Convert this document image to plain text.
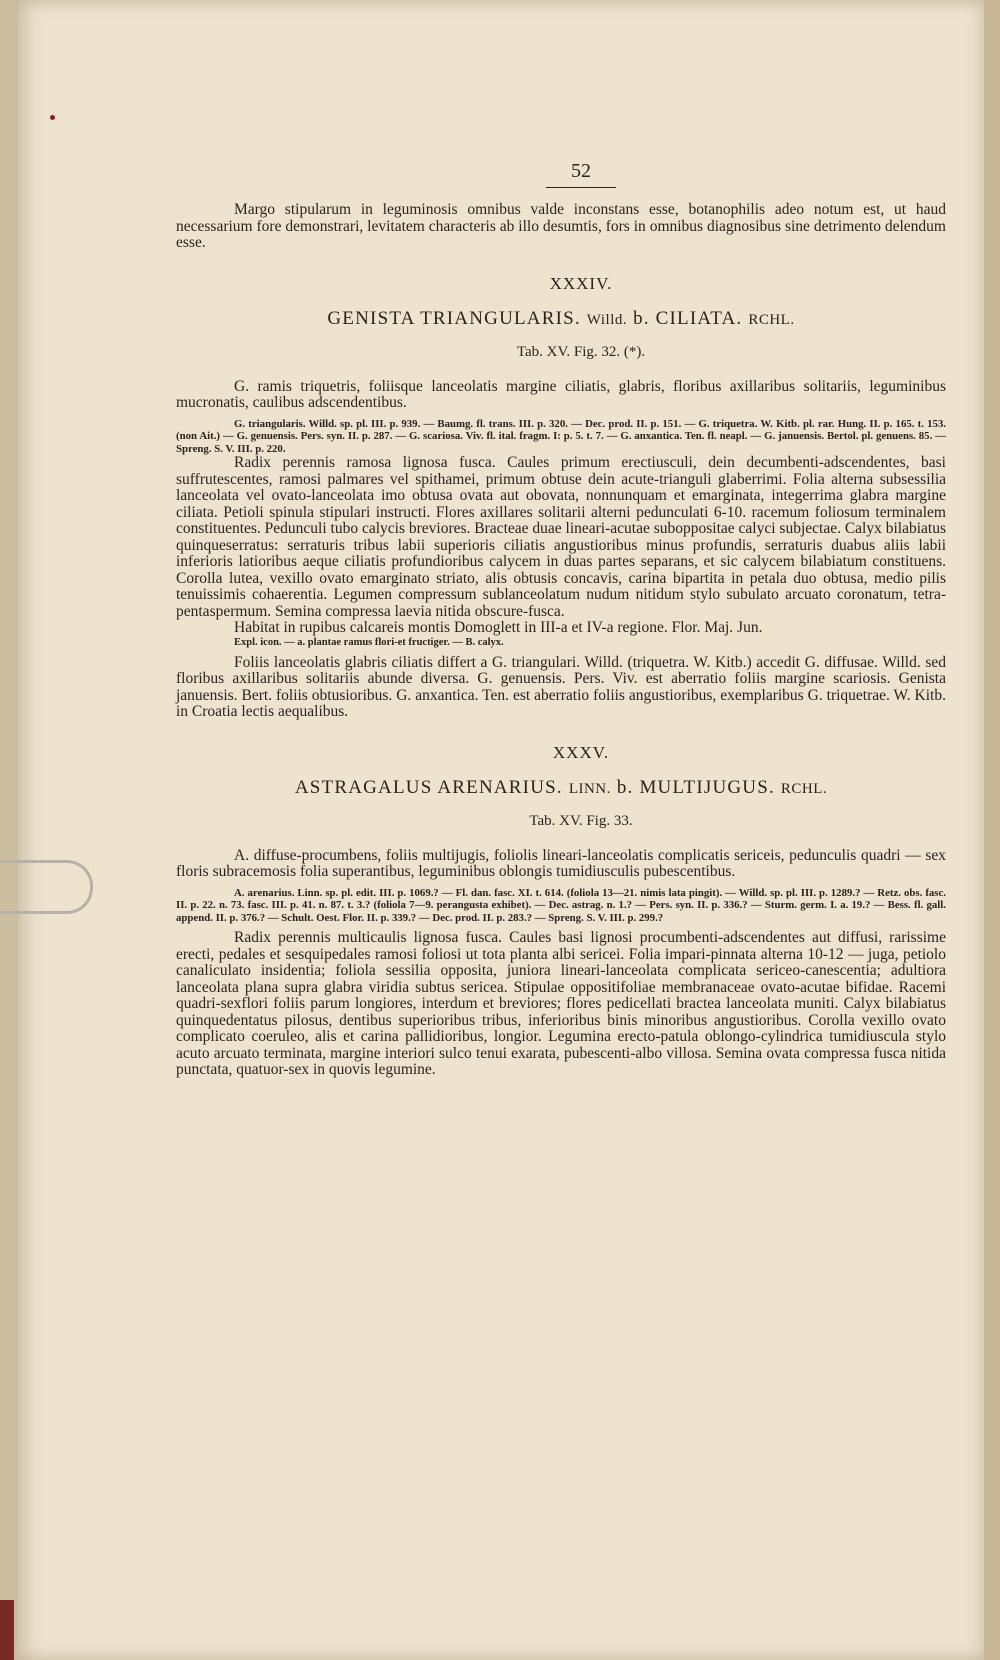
52

Margo stipularum in leguminosis omnibus valde inconstans esse, botanophilis adeo notum est, ut haud necessarium fore demonstrari, levitatem characteris ab illo desumtis, fors in omnibus diagnosibus sine detrimento delendum esse.

XXXIV.
GENISTA TRIANGULARIS. Willd. b. CILIATA. RCHL.
Tab. XV. Fig. 32. (*).

G. ramis triquetris, foliisque lanceolatis margine ciliatis, glabris, floribus axillaribus solitariis, leguminibus mucronatis, caulibus adscendentibus.

G. triangularis. Willd. sp. pl. III. p. 939. — Baumg. fl. trans. III. p. 320. — Dec. prod. II. p. 151. — G. triquetra. W. Kitb. pl. rar. Hung. II. p. 165. t. 153. (non Ait.) — G. genuensis. Pers. syn. II. p. 287. — G. scariosa. Viv. fl. ital. fragm. I: p. 5. t. 7. — G. anxantica. Ten. fl. neapl. — G. januensis. Bertol. pl. genuens. 85. — Spreng. S. V. III. p. 220.

Radix perennis ramosa lignosa fusca. Caules primum erectiusculi, dein decumbenti-adscendentes, basi suffrutescentes, ramosi palmares vel spithamei, primum obtuse dein acute-trianguli glaberrimi. Folia alterna subsessilia lanceolata vel ovato-lanceolata imo obtusa ovata aut obovata, nonnunquam et emarginata, integerrima glabra margine ciliata. Petioli spinula stipulari instructi. Flores axillares solitarii alterni pedunculati 6-10. racemum foliosum terminalem constituentes. Pedunculi tubo calycis breviores. Bracteae duae lineari-acutae suboppositae calyci subjectae. Calyx bilabiatus quinqueserratus: serraturis tribus labii superioris ciliatis angustioribus minus profundis, serraturis duabus aliis labii inferioris latioribus aeque ciliatis profundioribus calycem in duas partes separans, et sic calycem bilabiatum constituens. Corolla lutea, vexillo ovato emarginato striato, alis obtusis concavis, carina bipartita in petala duo obtusa, medio pilis tenuissimis cohaerentia. Legumen compressum sublanceolatum nudum nitidum stylo subulato arcuato coronatum, tetra-pentaspermum. Semina compressa laevia nitida obscure-fusca.

Habitat in rupibus calcareis montis Domoglett in III-a et IV-a regione. Flor. Maj. Jun.

Expl. icon. — a. plantae ramus flori-et fructiger. — B. calyx.

Foliis lanceolatis glabris ciliatis differt a G. triangulari. Willd. (triquetra. W. Kitb.) accedit G. diffusae. Willd. sed floribus axillaribus solitariis abunde diversa. G. genuensis. Pers. Viv. est aberratio foliis margine scariosis. Genista januensis. Bert. foliis obtusioribus. G. anxantica. Ten. est aberratio foliis angustioribus, exemplaribus G. triquetrae. W. Kitb. in Croatia lectis aequalibus.

XXXV.
ASTRAGALUS ARENARIUS. LINN. b. MULTIJUGUS. RCHL.
Tab. XV. Fig. 33.

A. diffuse-procumbens, foliis multijugis, foliolis lineari-lanceolatis complicatis sericeis, pedunculis quadri — sex floris subracemosis folia superantibus, leguminibus oblongis tumidiusculis pubescentibus.

A. arenarius. Linn. sp. pl. edit. III. p. 1069.? — Fl. dan. fasc. XI. t. 614. (foliola 13—21. nimis lata pingit). — Willd. sp. pl. III. p. 1289.? — Retz. obs. fasc. II. p. 22. n. 73. fasc. III. p. 41. n. 87. t. 3.? (foliola 7—9. perangusta exhibet). — Dec. astrag. n. 1.? — Pers. syn. II. p. 336.? — Sturm. germ. I. a. 19.? — Bess. fl. gall. append. II. p. 376.? — Schult. Oest. Flor. II. p. 339.? — Dec. prod. II. p. 283.? — Spreng. S. V. III. p. 299.?

Radix perennis multicaulis lignosa fusca. Caules basi lignosi procumbenti-adscendentes aut diffusi, rarissime erecti, pedales et sesquipedales ramosi foliosi ut tota planta albi sericei. Folia impari-pinnata alterna 10-12 — juga, petiolo canaliculato insidentia; foliola sessilia opposita, juniora lineari-lanceolata complicata sericeo-canescentia; adultiora lanceolata plana supra glabra viridia subtus sericea. Stipulae oppositifoliae membranaceae ovato-acutae bifidae. Racemi quadri-sexflori foliis parum longiores, interdum et breviores; flores pedicellati bractea lanceolata muniti. Calyx bilabiatus quinquedentatus pilosus, dentibus superioribus tribus, inferioribus binis minoribus angustioribus. Corolla vexillo ovato complicato coeruleo, alis et carina pallidioribus, longior. Legumina erecto-patula oblongo-cylindrica tumidiuscula stylo acuto arcuato terminata, margine interiori sulco tenui exarata, pubescenti-albo villosa. Semina ovata compressa fusca nitida punctata, quatuor-sex in quovis legumine.
